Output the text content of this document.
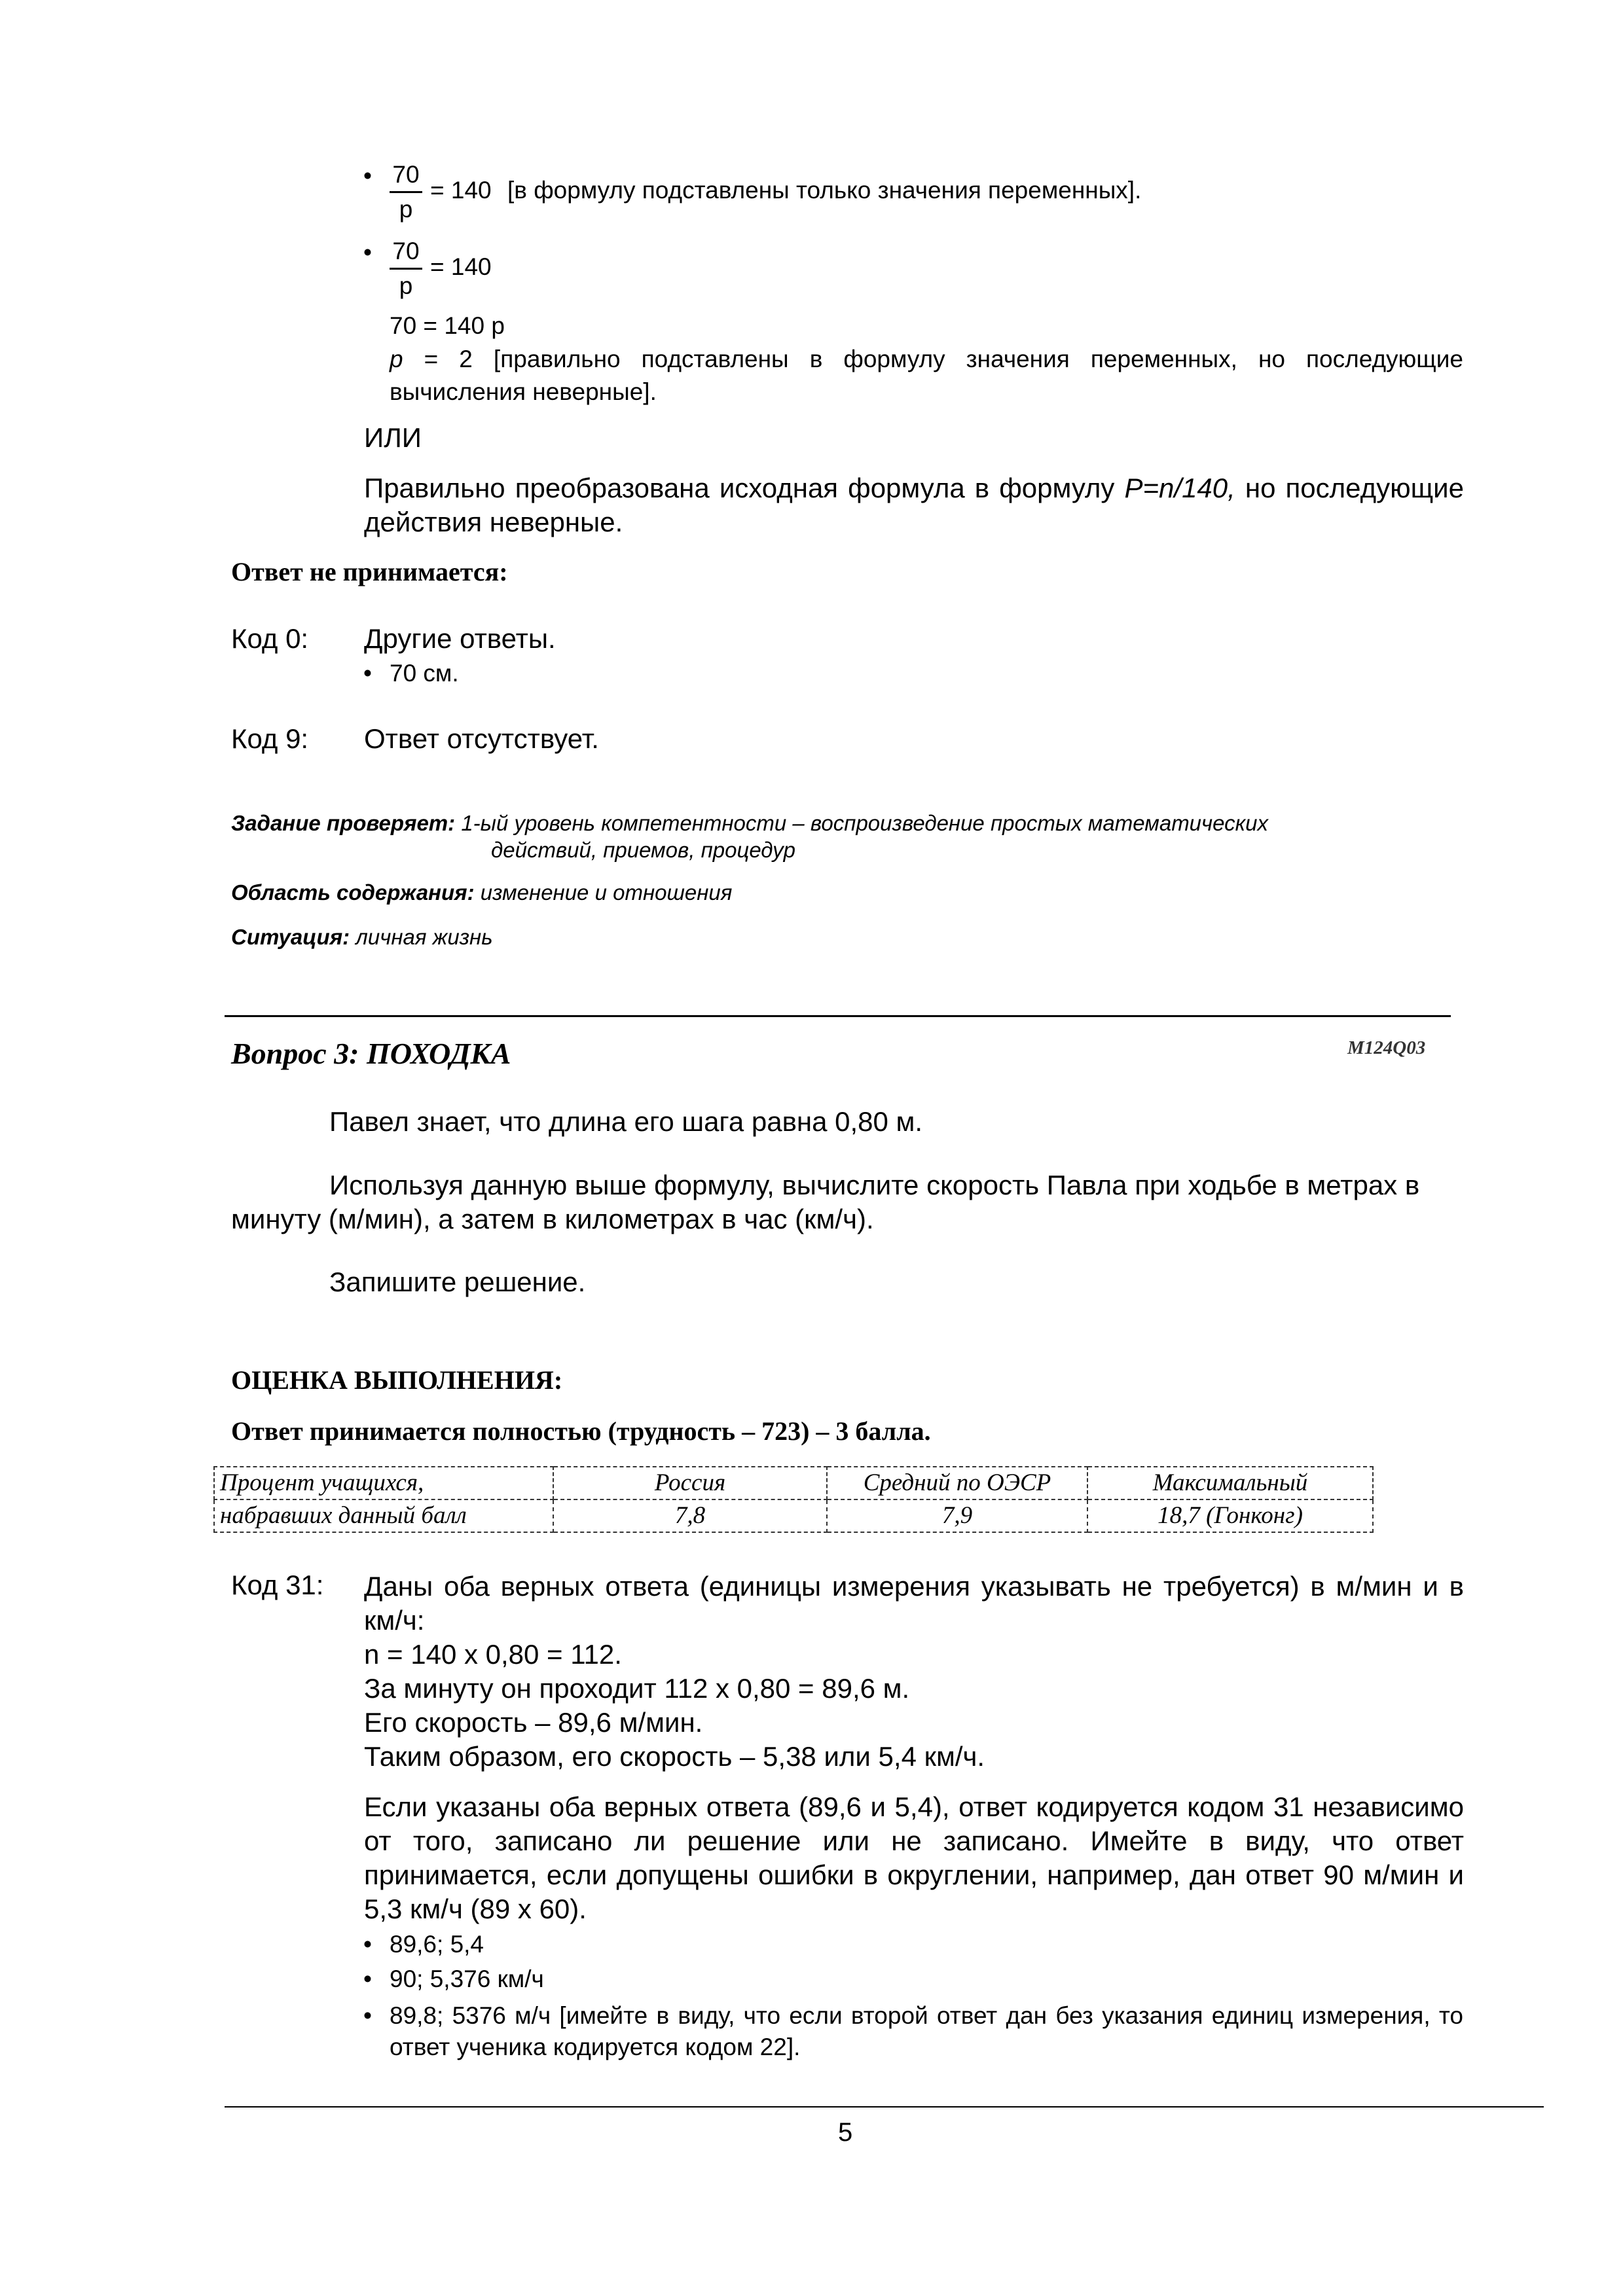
• 70
p
= 140 [в формулу подставлены только значения переменных].
• 70
p
= 140
70 = 140 p
p = 2 [правильно подставлены в формулу значения переменных, но последующие вычисления неверные].
ИЛИ
Правильно преобразована исходная формула в формулу P=n/140, но последующие действия неверные.
Ответ не принимается:
Код 0: Другие ответы.
• 70 см.
Код 9: Ответ отсутствует.
Задание проверяет: 1-ый уровень компетентности – воспроизведение простых математических
действий, приемов, процедур
Область содержания: изменение и отношения
Ситуация: личная жизнь
Вопрос 3: ПОХОДКА	M124Q03
Павел знает, что длина его шага равна 0,80 м.
Используя данную выше формулу, вычислите скорость Павла при ходьбе в метрах в минуту (м/мин), а затем в километрах в час (км/ч).
Запишите решение.
ОЦЕНКА ВЫПОЛНЕНИЯ:
Ответ принимается полностью (трудность – 723) – 3 балла.
Процент учащихся,	Россия	Средний по ОЭСР	Максимальный
набравших данный балл	7,8	7,9	18,7 (Гонконг)
Код 31: Даны оба верных ответа (единицы измерения указывать не требуется) в м/мин и в км/ч:
n = 140 x 0,80 = 112.
За минуту он проходит 112 x 0,80 = 89,6 м.
Его скорость – 89,6 м/мин.
Таким образом, его скорость – 5,38 или 5,4 км/ч.
Если указаны оба верных ответа (89,6 и 5,4), ответ кодируется кодом 31 независимо от того, записано ли решение или не записано. Имейте в виду, что ответ принимается, если допущены ошибки в округлении, например, дан ответ 90 м/мин и 5,3 км/ч (89 x 60).
• 89,6; 5,4
• 90; 5,376 км/ч
• 89,8; 5376 м/ч [имейте в виду, что если второй ответ дан без указания единиц измерения, то ответ ученика кодируется кодом 22].
5
